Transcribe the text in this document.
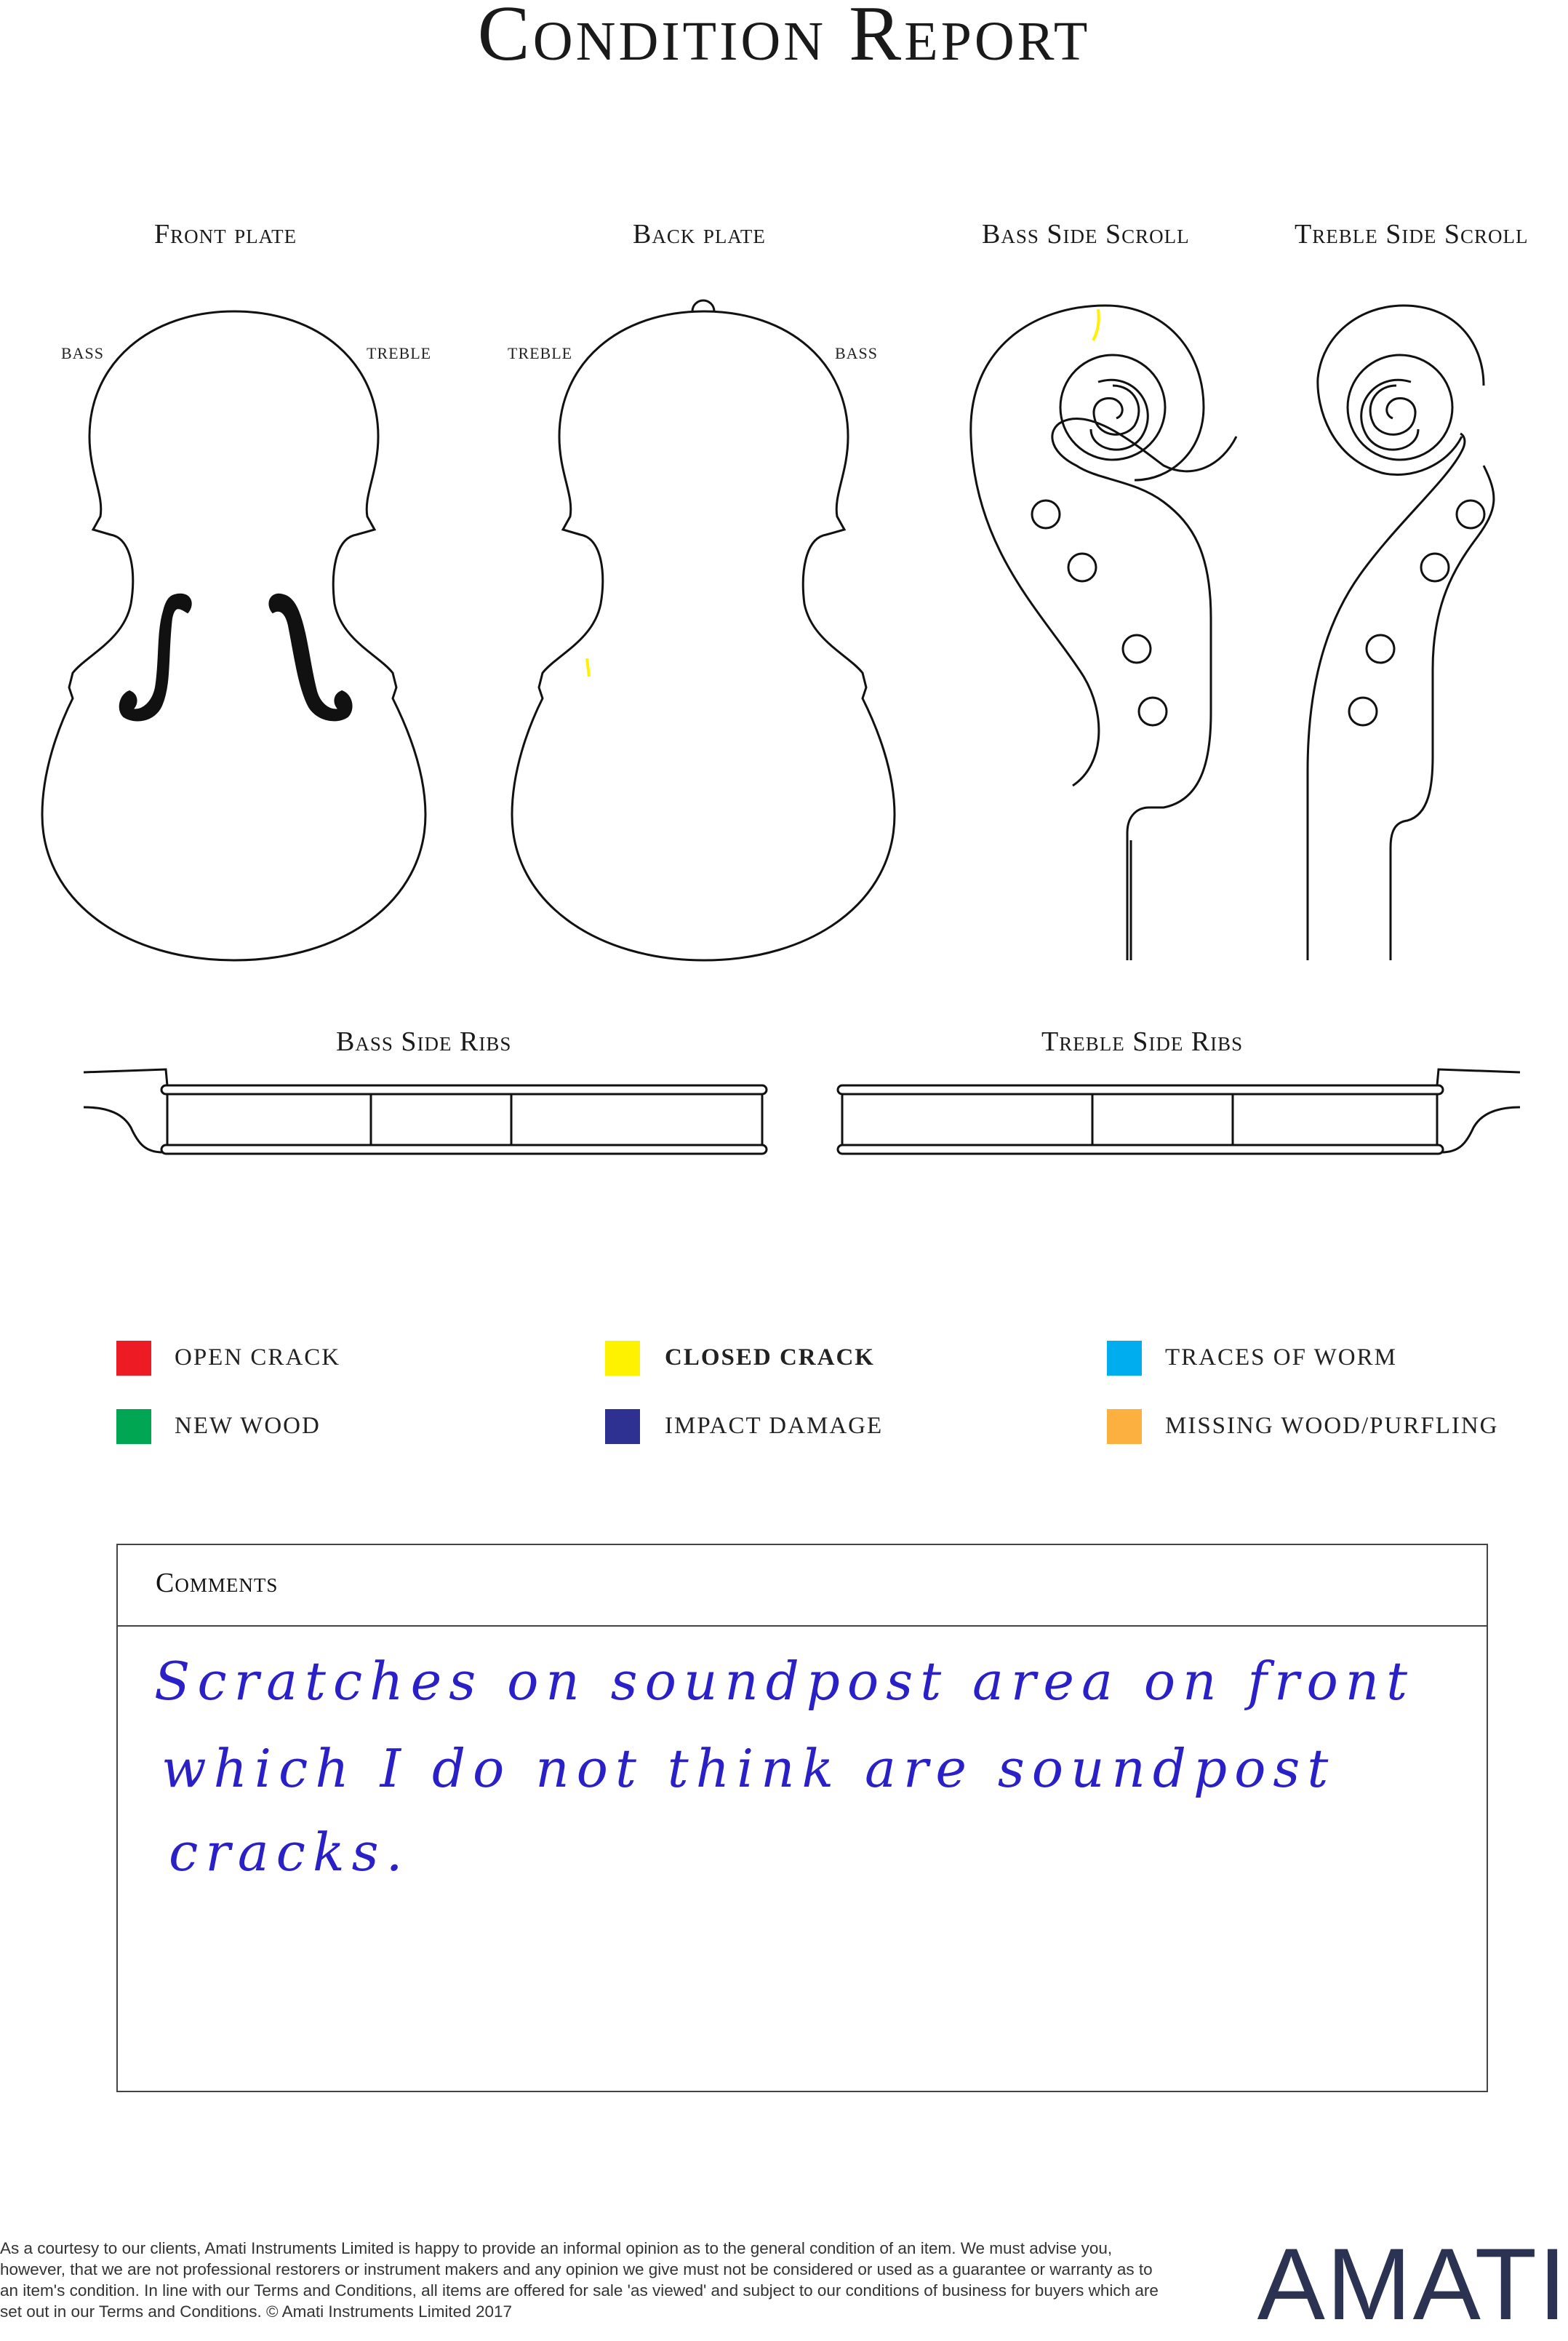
Condition Report
Front plate	Back plate	Bass Side Scroll	Treble Side Scroll
BASS	TREBLE	TREBLE	BASS
Bass Side Ribs	Treble Side Ribs
OPEN CRACK	CLOSED CRACK	TRACES OF WORM
NEW WOOD	IMPACT DAMAGE	MISSING WOOD/PURFLING
Comments
Scratches on soundpost area on front
which I do not think are soundpost
cracks.
As a courtesy to our clients, Amati Instruments Limited is happy to provide an informal opinion as to the general condition of an item. We must advise you, however, that we are not professional restorers or instrument makers and any opinion we give must not be considered or used as a guarantee or warranty as to an item's condition. In line with our Terms and Conditions, all items are offered for sale 'as viewed' and subject to our conditions of business for buyers which are set out in our Terms and Conditions. © Amati Instruments Limited 2017	AMATI
